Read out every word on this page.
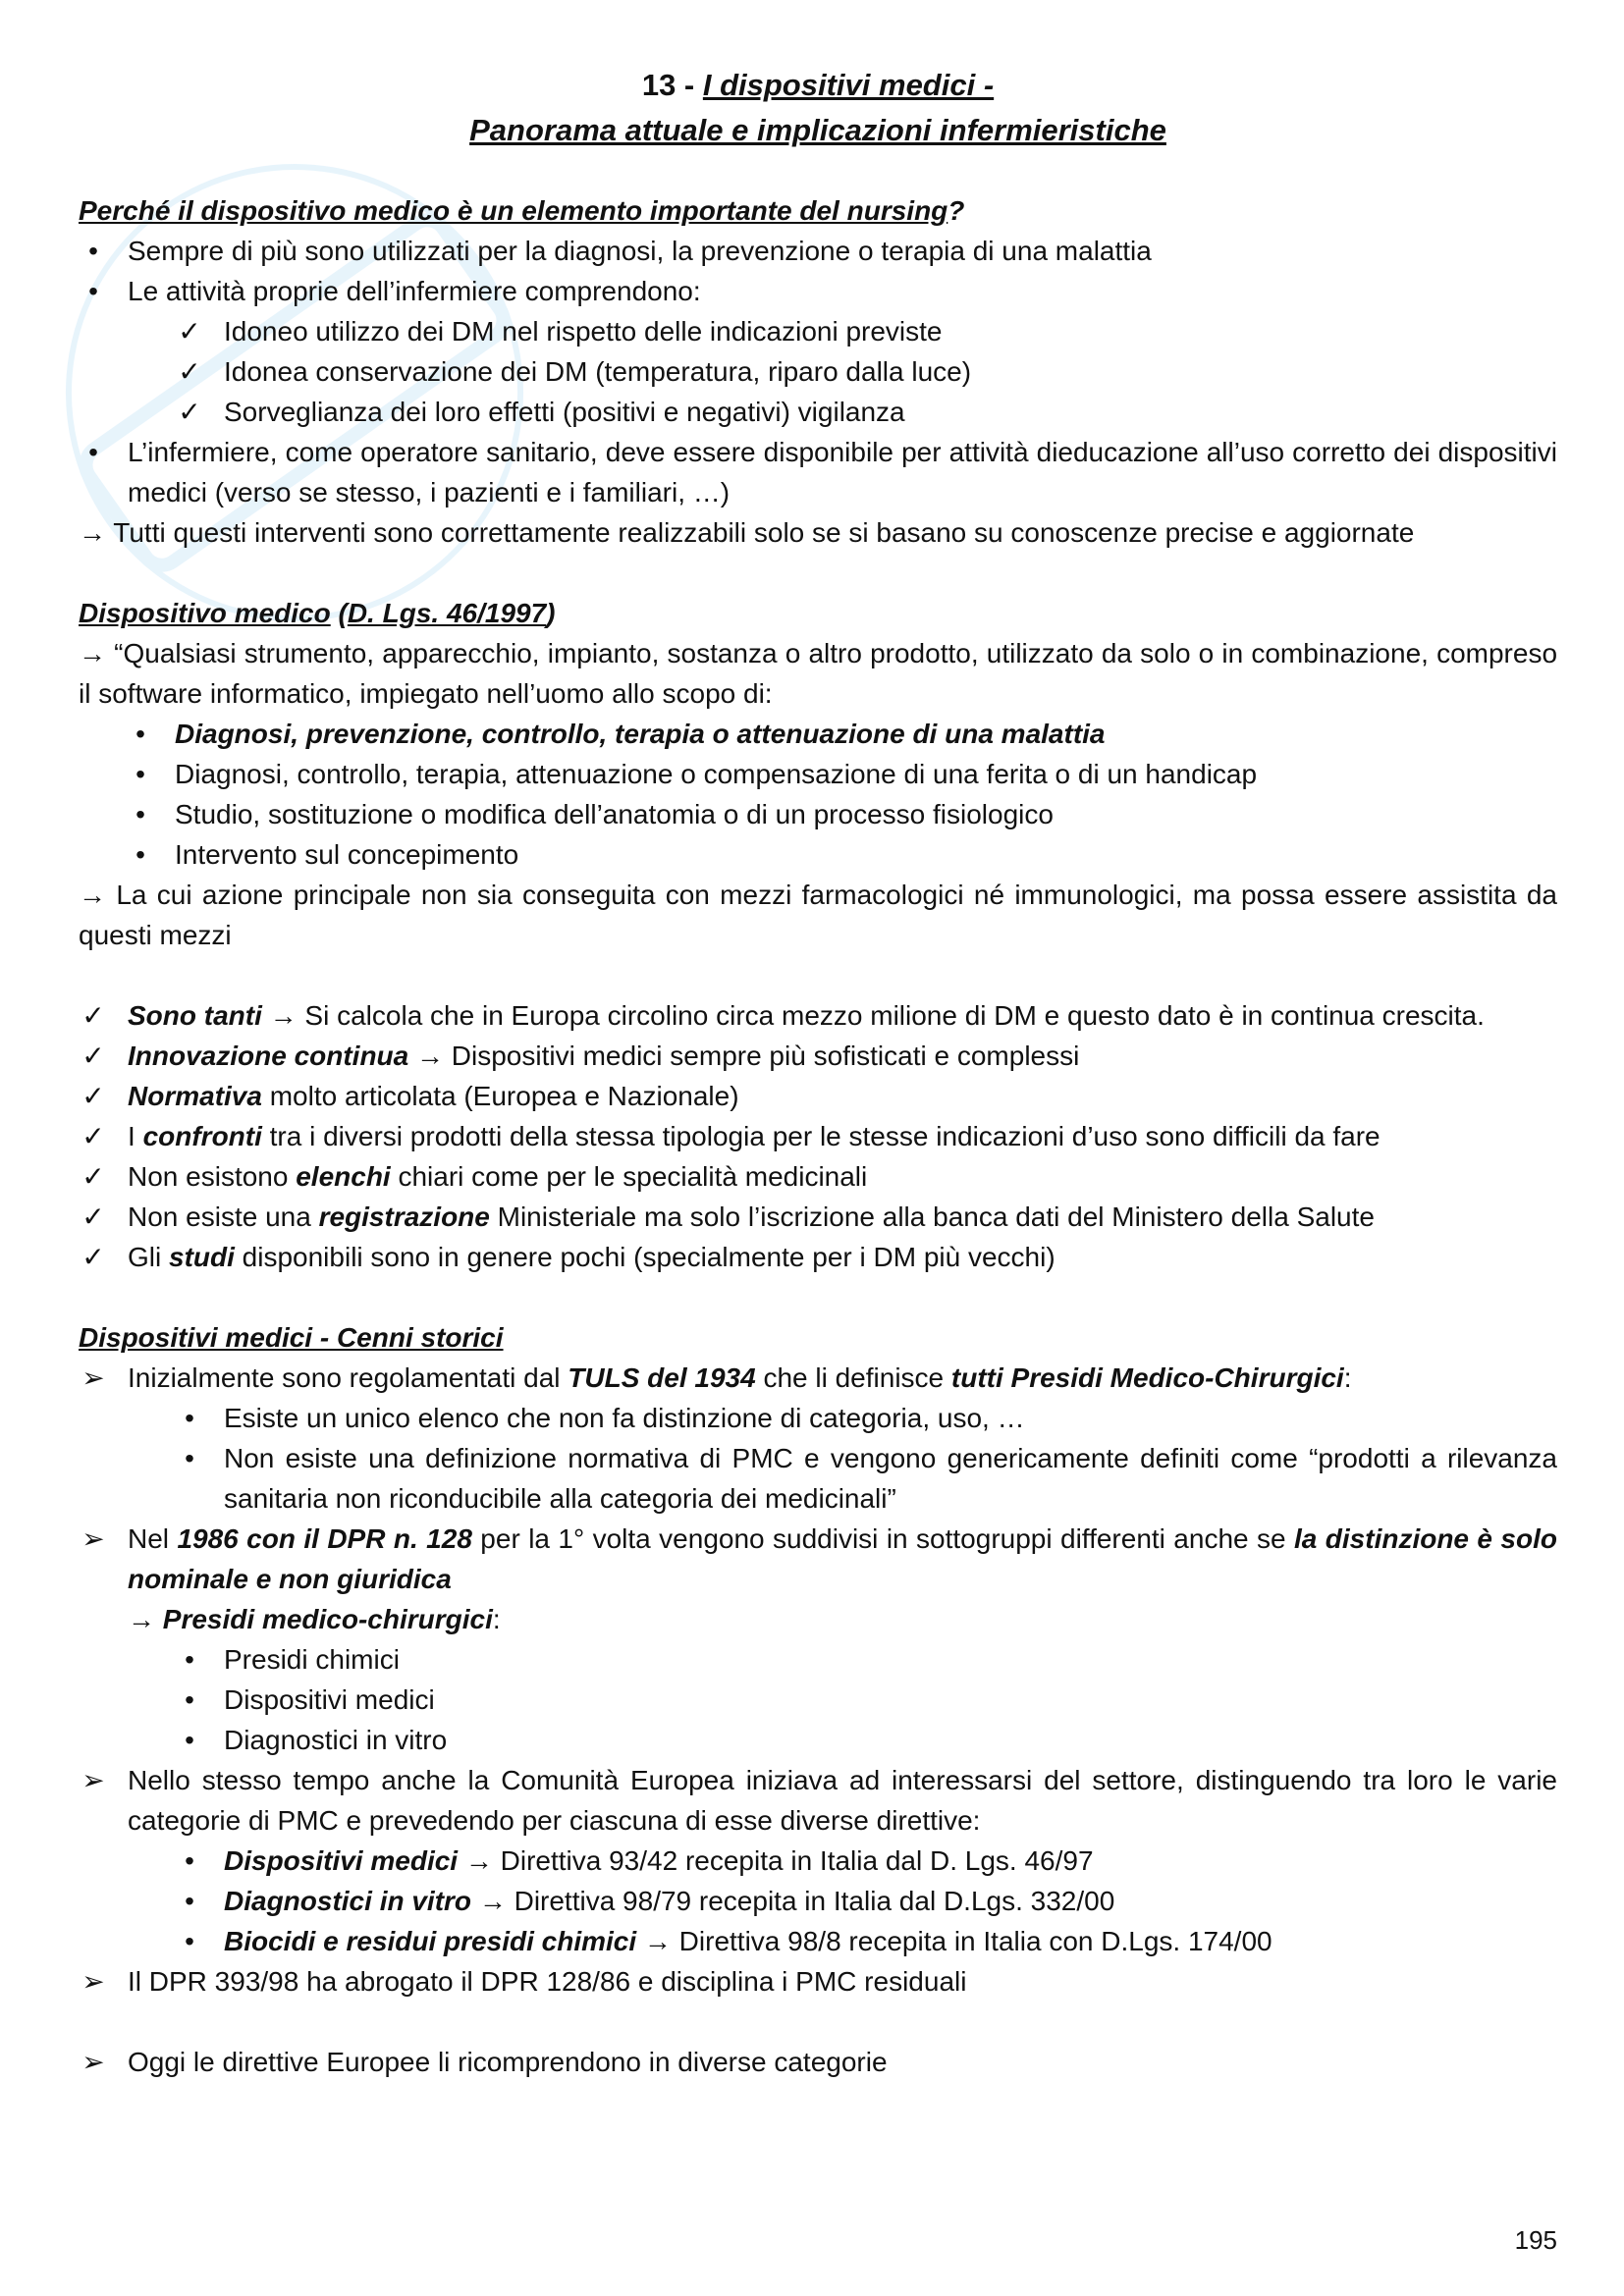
13 - I dispositivi medici -

Panorama attuale e implicazioni infermieristiche

Perché il dispositivo medico è un elemento importante del nursing?

•	Sempre di più sono utilizzati per la diagnosi, la prevenzione o terapia di una malattia
•	Le attività proprie dell’infermiere comprendono:
✓ Idoneo utilizzo dei DM nel rispetto delle indicazioni previste
✓ Idonea conservazione dei DM (temperatura, riparo dalla luce)
✓ Sorveglianza dei loro effetti (positivi e negativi) vigilanza
•	L’infermiere, come operatore sanitario, deve essere disponibile per attività dieducazione all’uso corretto dei dispositivi medici (verso se stesso, i pazienti e i familiari, …)

→ Tutti questi interventi sono correttamente realizzabili solo se si basano su conoscenze precise e aggiornate

Dispositivo medico (D. Lgs. 46/1997)

→ “Qualsiasi strumento, apparecchio, impianto, sostanza o altro prodotto, utilizzato da solo o in combinazione, compreso il software informatico, impiegato nell’uomo allo scopo di:

•	Diagnosi, prevenzione, controllo, terapia o attenuazione di una malattia
•	Diagnosi, controllo, terapia, attenuazione o compensazione di una ferita o di un handicap
•	Studio, sostituzione o modifica dell’anatomia o di un processo fisiologico
•	Intervento sul concepimento

→ La cui azione principale non sia conseguita con mezzi farmacologici né immunologici, ma possa essere assistita da questi mezzi

✓ Sono tanti → Si calcola che in Europa circolino circa mezzo milione di DM e questo dato è in continua crescita.
✓ Innovazione continua → Dispositivi medici sempre più sofisticati e complessi
✓ Normativa molto articolata (Europea e Nazionale)
✓ I confronti tra i diversi prodotti della stessa tipologia per le stesse indicazioni d’uso sono difficili da fare
✓ Non esistono elenchi chiari come per le specialità medicinali
✓ Non esiste una registrazione Ministeriale ma solo l’iscrizione alla banca dati del Ministero della Salute
✓ Gli studi disponibili sono in genere pochi (specialmente per i DM più vecchi)

Dispositivi medici - Cenni storici

➢ Inizialmente sono regolamentati dal TULS del 1934 che li definisce tutti Presidi Medico-Chirurgici:
•	Esiste un unico elenco che non fa distinzione di categoria, uso, …
•	Non esiste una definizione normativa di PMC e vengono genericamente definiti come “prodotti a rilevanza sanitaria non riconducibile alla categoria dei medicinali”
➢ Nel 1986 con il DPR n. 128 per la 1° volta vengono suddivisi in sottogruppi differenti anche se la distinzione è solo nominale e non giuridica
→ Presidi medico-chirurgici:
•	Presidi chimici
•	Dispositivi medici
•	Diagnostici in vitro
➢ Nello stesso tempo anche la Comunità Europea iniziava ad interessarsi del settore, distinguendo tra loro le varie categorie di PMC e prevedendo per ciascuna di esse diverse direttive:
•	Dispositivi medici → Direttiva 93/42 recepita in Italia dal D. Lgs. 46/97
•	Diagnostici in vitro → Direttiva 98/79 recepita in Italia dal D.Lgs. 332/00
•	Biocidi e residui presidi chimici → Direttiva 98/8 recepita in Italia con D.Lgs. 174/00
➢ Il DPR 393/98 ha abrogato il DPR 128/86 e disciplina i PMC residuali
➢ Oggi le direttive Europee li ricomprendono in diverse categorie
195
